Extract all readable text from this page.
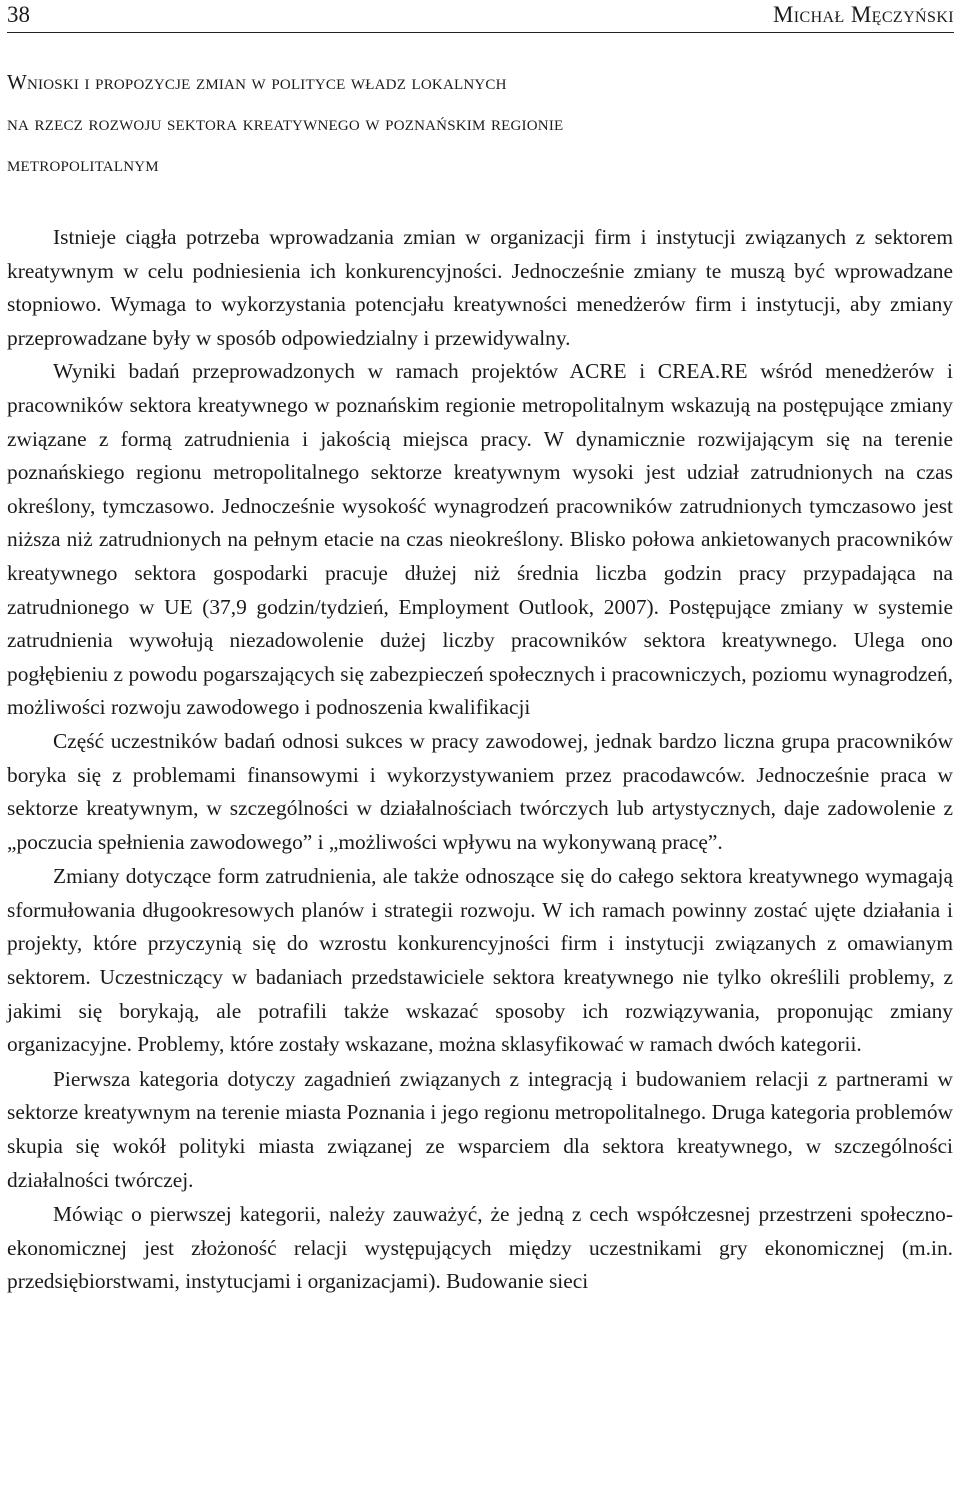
38	Michał Męczyński
Wnioski i propozycje zmian w polityce władz lokalnych
na rzecz rozwoju sektora kreatywnego w poznańskim regionie
metropolitalnym

Istnieje ciągła potrzeba wprowadzania zmian w organizacji firm i instytucji związanych z sektorem kreatywnym w celu podniesienia ich konkurencyjności. Jednocześnie zmiany te muszą być wprowadzane stopniowo. Wymaga to wykorzystania potencjału kreatywności menedżerów firm i instytucji, aby zmiany przeprowadzane były w sposób odpowiedzialny i przewidywalny.

Wyniki badań przeprowadzonych w ramach projektów ACRE i CREA.RE wśród menedżerów i pracowników sektora kreatywnego w poznańskim regionie metropolitalnym wskazują na postępujące zmiany związane z formą zatrudnienia i jakością miejsca pracy. W dynamicznie rozwijającym się na terenie poznańskiego regionu metropolitalnego sektorze kreatywnym wysoki jest udział zatrudnionych na czas określony, tymczasowo. Jednocześnie wysokość wynagrodzeń pracowników zatrudnionych tymczasowo jest niższa niż zatrudnionych na pełnym etacie na czas nieokreślony. Blisko połowa ankietowanych pracowników kreatywnego sektora gospodarki pracuje dłużej niż średnia liczba godzin pracy przypadająca na zatrudnionego w UE (37,9 godzin/tydzień, Employment Outlook, 2007). Postępujące zmiany w systemie zatrudnienia wywołują niezadowolenie dużej liczby pracowników sektora kreatywnego. Ulega ono pogłębieniu z powodu pogarszających się zabezpieczeń społecznych i pracowniczych, poziomu wynagrodzeń, możliwości rozwoju zawodowego i podnoszenia kwalifikacji

Część uczestników badań odnosi sukces w pracy zawodowej, jednak bardzo liczna grupa pracowników boryka się z problemami finansowymi i wykorzystywaniem przez pracodawców. Jednocześnie praca w sektorze kreatywnym, w szczególności w działalnościach twórczych lub artystycznych, daje zadowolenie z „poczucia spełnienia zawodowego” i „możliwości wpływu na wykonywaną pracę”.

Zmiany dotyczące form zatrudnienia, ale także odnoszące się do całego sektora kreatywnego wymagają sformułowania długookresowych planów i strategii rozwoju. W ich ramach powinny zostać ujęte działania i projekty, które przyczynią się do wzrostu konkurencyjności firm i instytucji związanych z omawianym sektorem. Uczestniczący w badaniach przedstawiciele sektora kreatywnego nie tylko określili problemy, z jakimi się borykają, ale potrafili także wskazać sposoby ich rozwiązywania, proponując zmiany organizacyjne. Problemy, które zostały wskazane, można sklasyfikować w ramach dwóch kategorii.

Pierwsza kategoria dotyczy zagadnień związanych z integracją i budowaniem relacji z partnerami w sektorze kreatywnym na terenie miasta Poznania i jego regionu metropolitalnego. Druga kategoria problemów skupia się wokół polityki miasta związanej ze wsparciem dla sektora kreatywnego, w szczególności działalności twórczej.

Mówiąc o pierwszej kategorii, należy zauważyć, że jedną z cech współczesnej przestrzeni społeczno-ekonomicznej jest złożoność relacji występujących między uczestnikami gry ekonomicznej (m.in. przedsiębiorstwami, instytucjami i organizacjami). Budowanie sieci
